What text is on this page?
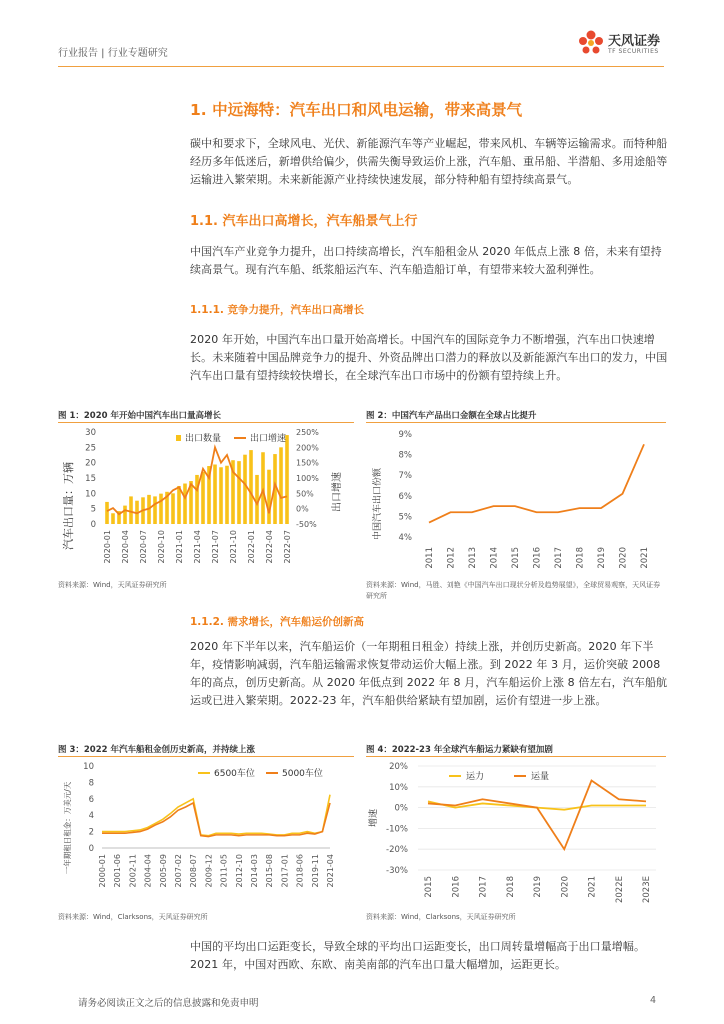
行业报告 | 行业专题研究
天风证券
TF SECURITIES
1. 中远海特：汽车出口和风电运输，带来高景气
碳中和要求下，全球风电、光伏、新能源汽车等产业崛起，带来风机、车辆等运输需求。而特种船经历多年低迷后，新增供给偏少，供需失衡导致运价上涨，汽车船、重吊船、半潜船、多用途船等运输进入繁荣期。未来新能源产业持续快速发展，部分特种船有望持续高景气。
1.1. 汽车出口高增长，汽车船景气上行
中国汽车产业竞争力提升，出口持续高增长，汽车船租金从 2020 年低点上涨 8 倍，未来有望持续高景气。现有汽车船、纸浆船运汽车、汽车船造船订单，有望带来较大盈利弹性。
1.1.1. 竞争力提升，汽车出口高增长
2020 年开始，中国汽车出口量开始高增长。中国汽车的国际竞争力不断增强，汽车出口快速增长。未来随着中国品牌竞争力的提升、外资品牌出口潜力的释放以及新能源汽车出口的发力，中国汽车出口量有望持续较快增长，在全球汽车出口市场中的份额有望持续上升。
图 1：2020 年开始中国汽车出口量高增长
汽车出口量：万辆	出口增速
0
5
10
15
20
25
30
-50%
0%
50%
100%
150%
200%
250%
2020-01 2020-04 2020-07 2020-10 2021-01 2021-04 2021-07 2021-10 2022-01 2022-04 2022-07
出口数量	出口增速
资料来源：Wind，天风证券研究所
图 2：中国汽车产品出口金额在全球占比提升
中国汽车出口份额 4%
5%
6%
7%
8%
9%
2011 2012 2013 2014 2015 2016 2017 2018 2019 2020 2021
资料来源：Wind，马胜、刘艳《中国汽车出口现状分析及趋势展望》，全球贸易观察，天风证券研究所
1.1.2. 需求增长，汽车船运价创新高
2020 年下半年以来，汽车船运价（一年期租日租金）持续上涨，并创历史新高。2020 年下半年，疫情影响减弱，汽车船运输需求恢复带动运价大幅上涨。到 2022 年 3 月，运价突破 2008 年的高点，创历史新高。从 2020 年低点到 2022 年 8 月，汽车船运价上涨 8 倍左右，汽车船航运或已进入繁荣期。2022-23 年，汽车船供给紧缺有望加剧，运价有望进一步上涨。
图 3：2022 年汽车船租金创历史新高，并持续上涨
一年期租日租金：万美元/天 0
2
4
6
8
10
2000-01 2001-06 2002-11 2004-04 2005-09 2007-02 2008-07 2009-12 2011-05 2012-10 2014-03 2015-08 2017-01 2018-06 2019-11 2021-04
6500车位	5000车位
资料来源：Wind，Clarksons，天风证券研究所
图 4：2022-23 年全球汽车船运力紧缺有望加剧
增速
-30%
-20%
-10%
0%
10%
20%
2015 2016 2017 2018 2019 2020 2021 2022E 2023E
运力	运量
资料来源：Wind，Clarksons，天风证券研究所
中国的平均出口运距变长，导致全球的平均出口运距变长，出口周转量增幅高于出口量增幅。2021 年，中国对西欧、东欧、南美南部的汽车出口量大幅增加，运距更长。
请务必阅读正文之后的信息披露和免责申明	4
